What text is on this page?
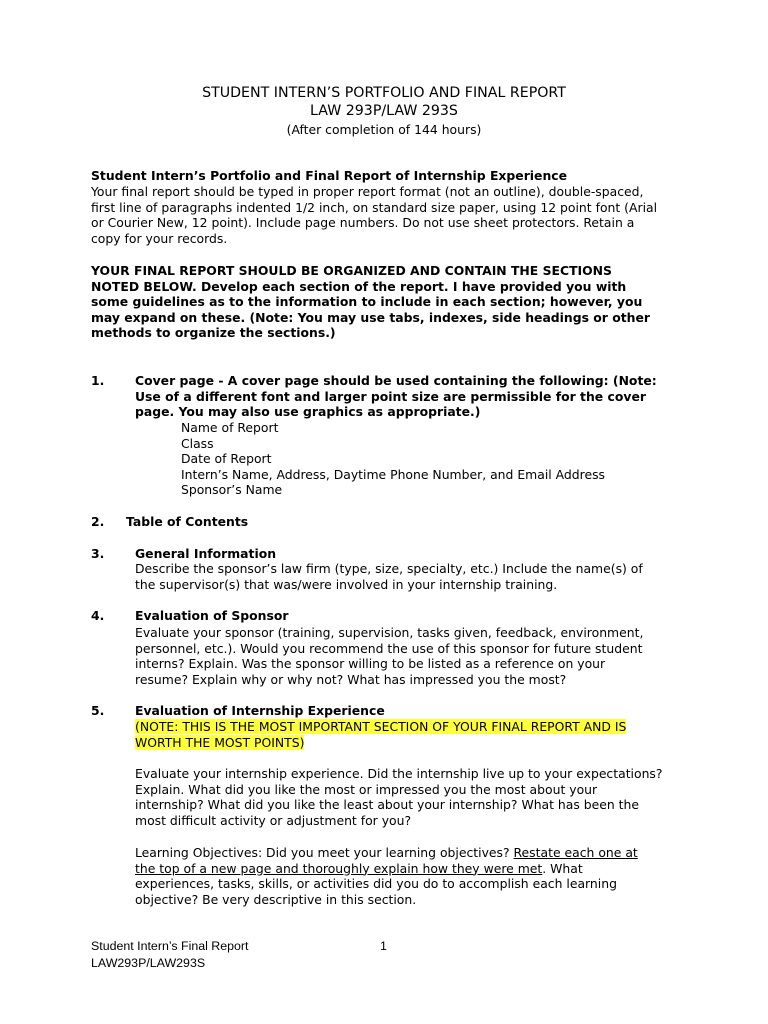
STUDENT INTERN’S PORTFOLIO AND FINAL REPORT
LAW 293P/LAW 293S
(After completion of 144 hours)
Student Intern’s Portfolio and Final Report of Internship Experience
Your final report should be typed in proper report format (not an outline), double-spaced,
first line of paragraphs indented 1/2 inch, on standard size paper, using 12 point font (Arial
or Courier New, 12 point). Include page numbers. Do not use sheet protectors. Retain a
copy for your records.
YOUR FINAL REPORT SHOULD BE ORGANIZED AND CONTAIN THE SECTIONS
NOTED BELOW. Develop each section of the report. I have provided you with
some guidelines as to the information to include in each section; however, you
may expand on these. (Note: You may use tabs, indexes, side headings or other
methods to organize the sections.)
1. Cover page - A cover page should be used containing the following: (Note:
Use of a different font and larger point size are permissible for the cover
page. You may also use graphics as appropriate.)
Name of Report
Class
Date of Report
Intern’s Name, Address, Daytime Phone Number, and Email Address
Sponsor’s Name
2. Table of Contents
3. General Information
Describe the sponsor’s law firm (type, size, specialty, etc.) Include the name(s) of
the supervisor(s) that was/were involved in your internship training.
4. Evaluation of Sponsor
Evaluate your sponsor (training, supervision, tasks given, feedback, environment,
personnel, etc.). Would you recommend the use of this sponsor for future student
interns? Explain. Was the sponsor willing to be listed as a reference on your
resume? Explain why or why not? What has impressed you the most?
5. Evaluation of Internship Experience
(NOTE: THIS IS THE MOST IMPORTANT SECTION OF YOUR FINAL REPORT AND IS
WORTH THE MOST POINTS)
Evaluate your internship experience. Did the internship live up to your expectations?
Explain. What did you like the most or impressed you the most about your
internship? What did you like the least about your internship? What has been the
most difficult activity or adjustment for you?
Learning Objectives: Did you meet your learning objectives? Restate each one at
the top of a new page and thoroughly explain how they were met. What
experiences, tasks, skills, or activities did you do to accomplish each learning
objective? Be very descriptive in this section.
Student Intern’s Final Report
LAW293P/LAW293S
1
